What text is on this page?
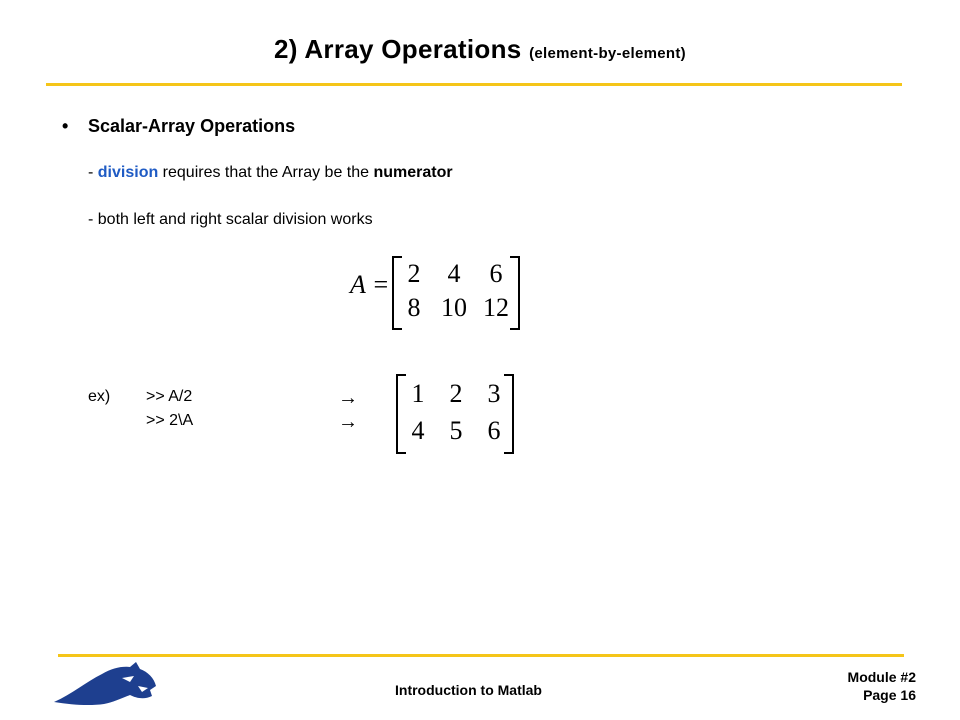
2) Array Operations (element-by-element)
• Scalar-Array Operations
- division requires that the Array be the numerator
- both left and right scalar division works
A = 2	4	6
8 10 12
ex) >> A/2
>> 2\A
→
→
1 2 3
4 5 6
Introduction to Matlab
Module #2
Page 16
